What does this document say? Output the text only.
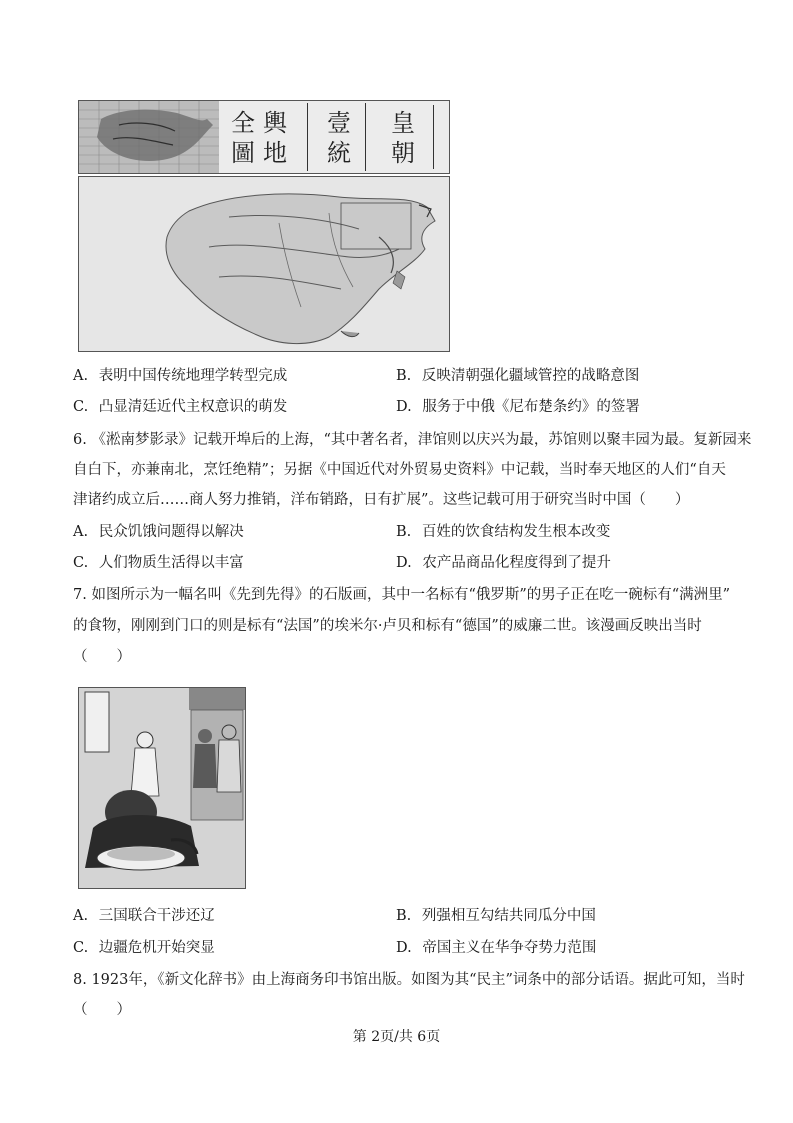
皇
朝
壹
統
輿
地
全
圖
A. 表明中国传统地理学转型完成	B. 反映清朝强化疆域管控的战略意图
C. 凸显清廷近代主权意识的萌发	D. 服务于中俄《尼布楚条约》的签署
6. 《淞南梦影录》记载开埠后的上海，“其中著名者，津馆则以庆兴为最，苏馆则以聚丰园为最。复新园来
自白下，亦兼南北，烹饪绝精”；另据《中国近代对外贸易史资料》中记载，当时奉天地区的人们“自天
津诸约成立后……商人努力推销，洋布销路，日有扩展”。这些记载可用于研究当时中国（　　）
A. 民众饥饿问题得以解决	B. 百姓的饮食结构发生根本改变
C. 人们物质生活得以丰富	D. 农产品商品化程度得到了提升
7. 如图所示为一幅名叫《先到先得》的石版画，其中一名标有“俄罗斯”的男子正在吃一碗标有“满洲里”
的食物，刚刚到门口的则是标有“法国”的埃米尔·卢贝和标有“德国”的威廉二世。该漫画反映出当时
（　　）
A. 三国联合干涉还辽	B. 列强相互勾结共同瓜分中国
C. 边疆危机开始突显	D. 帝国主义在华争夺势力范围
8. 1923年，《新文化辞书》由上海商务印书馆出版。如图为其“民主”词条中的部分话语。据此可知，当时
（　　）
第 2页/共 6页
